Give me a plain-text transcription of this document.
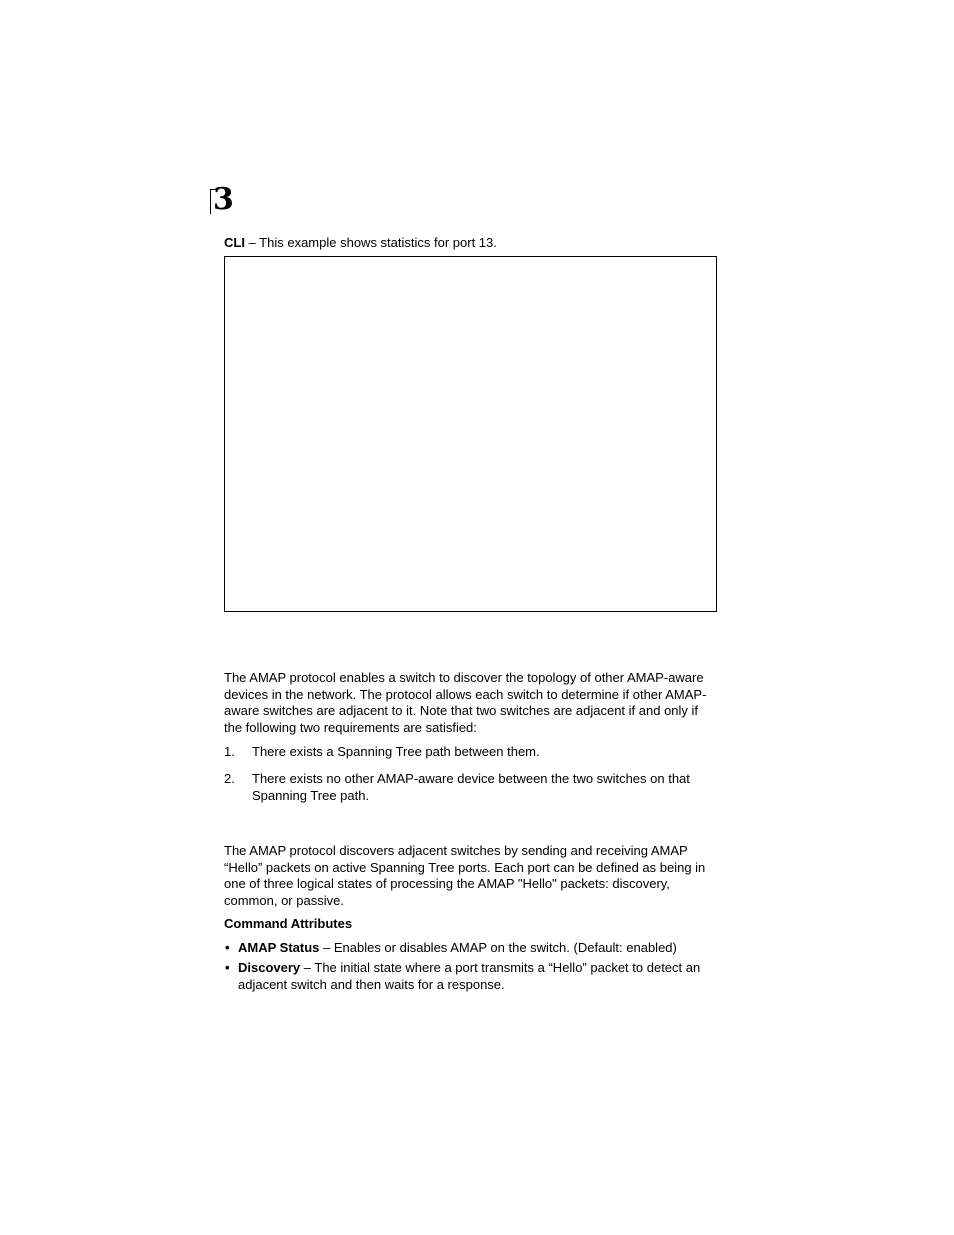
3
CLI – This example shows statistics for port 13.
The AMAP protocol enables a switch to discover the topology of other AMAP-aware devices in the network. The protocol allows each switch to determine if other AMAP-aware switches are adjacent to it. Note that two switches are adjacent if and only if the following two requirements are satisfied:
1. There exists a Spanning Tree path between them.
2. There exists no other AMAP-aware device between the two switches on that Spanning Tree path.
The AMAP protocol discovers adjacent switches by sending and receiving AMAP “Hello” packets on active Spanning Tree ports. Each port can be defined as being in one of three logical states of processing the AMAP "Hello" packets: discovery, common, or passive.
Command Attributes
• AMAP Status – Enables or disables AMAP on the switch. (Default: enabled)
• Discovery – The initial state where a port transmits a “Hello” packet to detect an adjacent switch and then waits for a response.
